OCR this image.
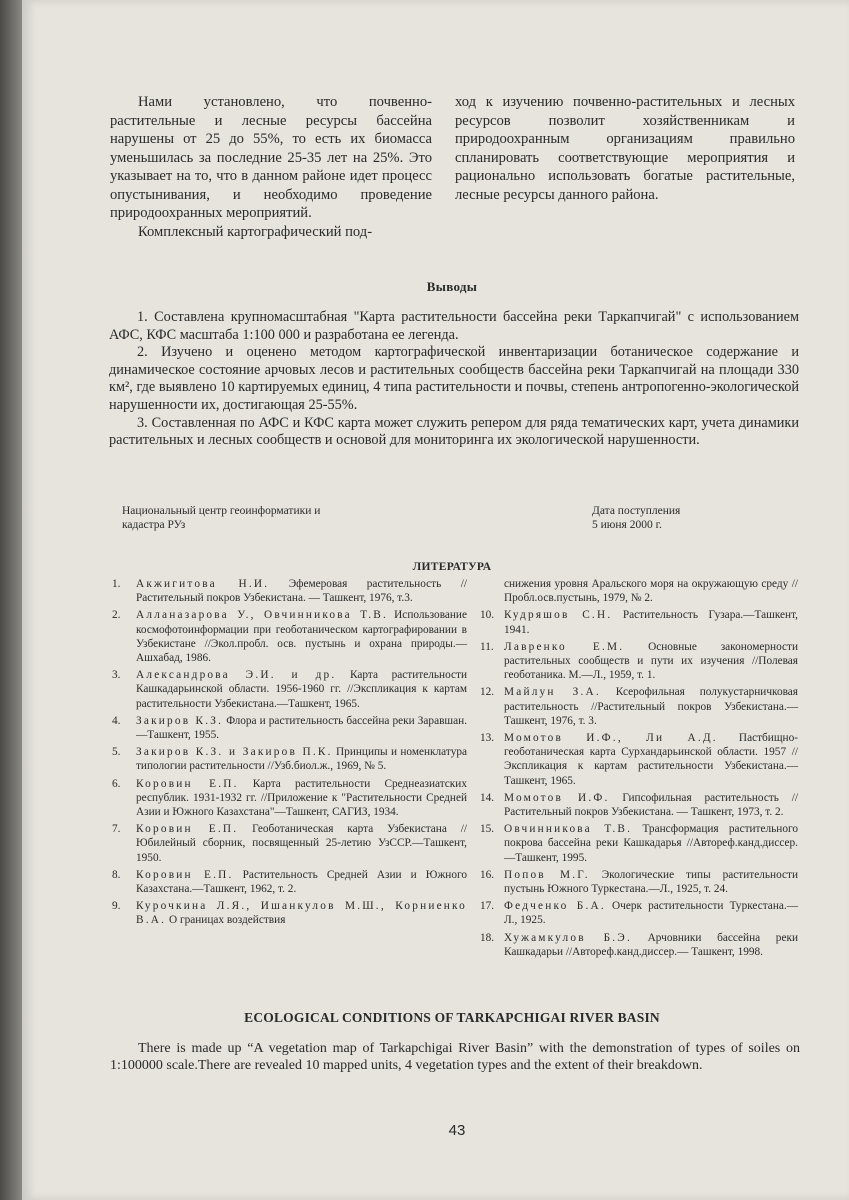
Нами установлено, что почвенно-растительные и лесные ресурсы бассейна нарушены от 25 до 55%, то есть их биомасса уменьшилась за последние 25-35 лет на 25%. Это указывает на то, что в данном районе идет процесс опустынивания, и необходимо проведение природоохранных мероприятий.

Комплексный картографический под-

ход к изучению почвенно-растительных и лесных ресурсов позволит хозяйственникам и природоохранным организациям правильно спланировать соответствующие мероприятия и рационально использовать богатые растительные, лесные ресурсы данного района.

Выводы

1. Составлена крупномасштабная "Карта растительности бассейна реки Таркапчигай" с использованием АФС, КФС масштаба 1:100 000 и разработана ее легенда.

2. Изучено и оценено методом картографической инвентаризации ботаническое содержание и динамическое состояние арчовых лесов и растительных сообществ бассейна реки Таркапчигай на площади 330 км², где выявлено 10 картируемых единиц, 4 типа растительности и почвы, степень антропогенно-экологической нарушенности их, достигающая 25-55%.

3. Составленная по АФС и КФС карта может служить репером для ряда тематических карт, учета динамики растительных и лесных сообществ и основой для мониторинга их экологической нарушенности.

Национальный центр геоинформатики и
кадастра РУз
Дата поступления
5 июня 2000 г.
ЛИТЕРАТУРА
1.	Акжигитова Н.И. Эфемеровая растительность //Растительный покров Узбекистана. — Ташкент, 1976, т.3.
2.	Алланазарова У., Овчинникова Т.В. Использование космофотоинформации при геоботаническом картографировании в Узбекистане //Экол.пробл. осв. пустынь и охрана природы.—Ашхабад, 1986.
3.	Александрова Э.И. и др. Карта растительности Кашкадарьинской области. 1956-1960 гг. //Экспликация к картам растительности Узбекистана.—Ташкент, 1965.
4.	Закиров К.З. Флора и растительность бассейна реки Заравшан.—Ташкент, 1955.
5.	Закиров К.З. и Закиров П.К. Принципы и номенклатура типологии растительности //Узб.биол.ж., 1969, № 5.
6.	Коровин Е.П. Карта растительности Среднеазиатских республик. 1931-1932 гг. //Приложение к "Растительности Средней Азии и Южного Казахстана"—Ташкент, САГИЗ, 1934.
7.	Коровин Е.П. Геоботаническая карта Узбекистана //Юбилейный сборник, посвященный 25-летию УзССР.—Ташкент, 1950.
8.	Коровин Е.П. Растительность Средней Азии и Южного Казахстана.—Ташкент, 1962, т. 2.
9.	Курочкина Л.Я., Ишанкулов М.Ш., Корниенко В.А. О границах воздействия
снижения уровня Аральского моря на окружающую среду //Пробл.осв.пустынь, 1979, № 2.
10. Кудряшов С.Н. Растительность Гузара.—Ташкент, 1941.
11. Лавренко Е.М. Основные закономерности растительных сообществ и пути их изучения //Полевая геоботаника. М.—Л., 1959, т. 1.
12. Майлун З.А. Ксерофильная полукустарничковая растительность //Растительный покров Узбекистана.—Ташкент, 1976, т. 3.
13. Момотов И.Ф., Ли А.Д. Пастбищно-геоботаническая карта Сурхандарьинской области. 1957 //Экспликация к картам растительности Узбекистана.—Ташкент, 1965.
14. Момотов И.Ф. Гипсофильная растительность //Растительный покров Узбекистана. — Ташкент, 1973, т. 2.
15. Овчинникова Т.В. Трансформация растительного покрова бассейна реки Кашкадарья //Автореф.канд.диссер.—Ташкент, 1995.
16. Попов М.Г. Экологические типы растительности пустынь Южного Туркестана.—Л., 1925, т. 24.
17. Федченко Б.А. Очерк растительности Туркестана.—Л., 1925.
18. Хужамкулов Б.Э. Арчовники бассейна реки Кашкадарьи //Автореф.канд.диссер.— Ташкент, 1998.
ECOLOGICAL CONDITIONS OF TARKAPCHIGAI RIVER BASIN

There is made up “A vegetation map of Tarkapchigai River Basin” with the demonstration of types of soiles on 1:100000 scale.There are revealed 10 mapped units, 4 vegetation types and the extent of their breakdown.

43
